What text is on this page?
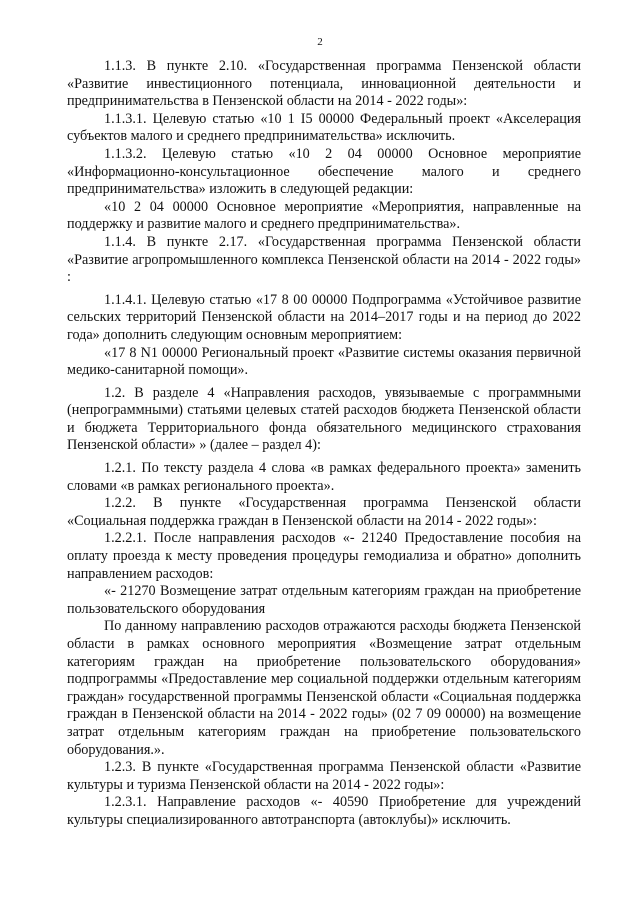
2

1.1.3. В пункте 2.10. «Государственная программа Пензенской области «Развитие инвестиционного потенциала, инновационной деятельности и предпринимательства в Пензенской области на 2014 - 2022 годы»:

1.1.3.1. Целевую статью «10 1 I5 00000 Федеральный проект «Акселерация субъектов малого и среднего предпринимательства» исключить.

1.1.3.2. Целевую статью «10 2 04 00000 Основное мероприятие «Информационно-консультационное обеспечение малого и среднего предпринимательства» изложить в следующей редакции:

«10 2 04 00000 Основное мероприятие «Мероприятия, направленные на поддержку и развитие малого и среднего предпринимательства».

1.1.4. В пункте 2.17. «Государственная программа Пензенской области «Развитие агропромышленного комплекса Пензенской области на 2014 - 2022 годы» :

1.1.4.1. Целевую статью «17 8 00 00000 Подпрограмма «Устойчивое развитие сельских территорий Пензенской области на 2014–2017 годы и на период до 2022 года» дополнить следующим основным мероприятием:

«17 8 N1 00000 Региональный проект «Развитие системы оказания первичной медико-санитарной помощи».

1.2. В разделе 4 «Направления расходов, увязываемые с программными (непрограммными) статьями целевых статей расходов бюджета Пензенской области и бюджета Территориального фонда обязательного медицинского страхования Пензенской области» » (далее – раздел 4):

1.2.1. По тексту раздела 4 слова «в рамках федерального проекта» заменить словами «в рамках регионального проекта».

1.2.2. В пункте «Государственная программа Пензенской области «Социальная поддержка граждан в Пензенской области на 2014 - 2022 годы»:

1.2.2.1. После направления расходов «- 21240 Предоставление пособия на оплату проезда к месту проведения процедуры гемодиализа и обратно» дополнить направлением расходов:

«- 21270 Возмещение затрат отдельным категориям граждан на приобретение пользовательского оборудования

По данному направлению расходов отражаются расходы бюджета Пензенской области в рамках основного мероприятия «Возмещение затрат отдельным категориям граждан на приобретение пользовательского оборудования» подпрограммы «Предоставление мер социальной поддержки отдельным категориям граждан» государственной программы Пензенской области «Социальная поддержка граждан в Пензенской области на 2014 - 2022 годы» (02 7 09 00000) на возмещение затрат отдельным категориям граждан на приобретение пользовательского оборудования.».

1.2.3. В пункте «Государственная программа Пензенской области «Развитие культуры и туризма Пензенской области на 2014 - 2022 годы»:

1.2.3.1. Направление расходов «- 40590 Приобретение для учреждений культуры специализированного автотранспорта (автоклубы)» исключить.
